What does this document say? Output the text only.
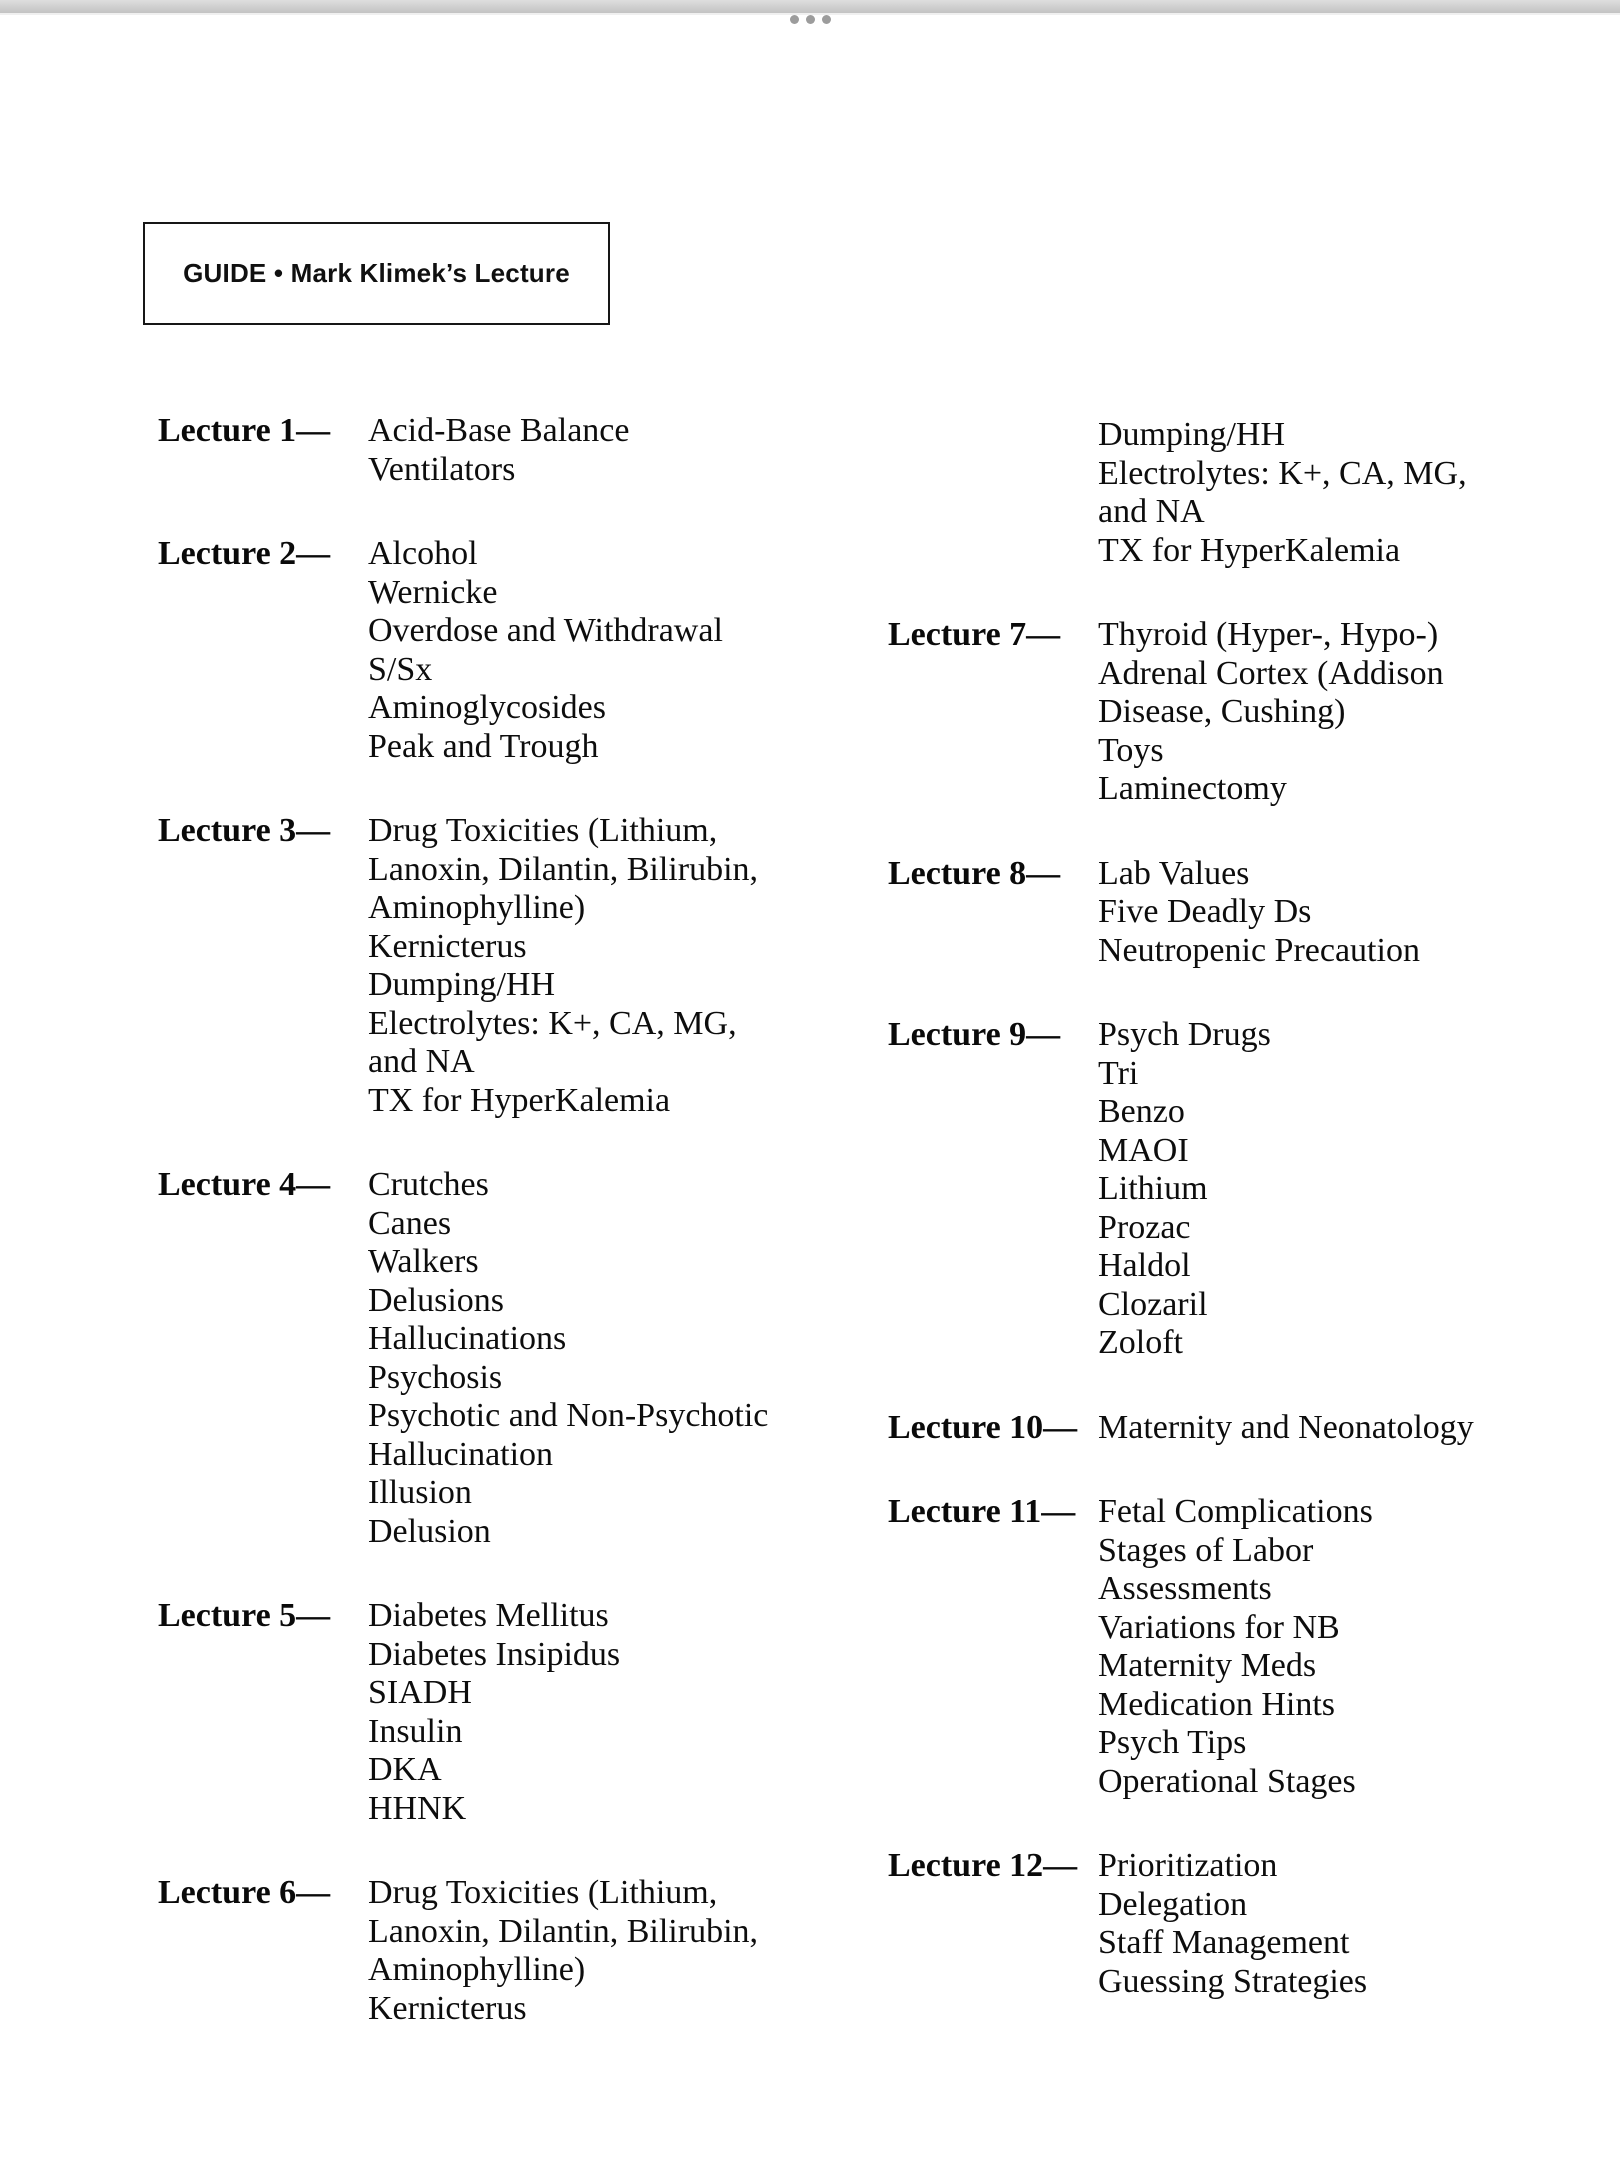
GUIDE • Mark Klimek’s Lecture
Lecture 1—	Acid-Base Balance
Ventilators
Lecture 2—	Alcohol
Wernicke
Overdose and Withdrawal
S/Sx
Aminoglycosides
Peak and Trough
Lecture 3—	Drug Toxicities (Lithium,
Lanoxin, Dilantin, Bilirubin,
Aminophylline)
Kernicterus
Dumping/HH
Electrolytes: K+, CA, MG,
and NA
TX for HyperKalemia
Lecture 4—	Crutches
Canes
Walkers
Delusions
Hallucinations
Psychosis
Psychotic and Non-Psychotic
Hallucination
Illusion
Delusion
Lecture 5—	Diabetes Mellitus
Diabetes Insipidus
SIADH
Insulin
DKA
HHNK
Lecture 6—	Drug Toxicities (Lithium,
Lanoxin, Dilantin, Bilirubin,
Aminophylline)
Kernicterus
Dumping/HH
Electrolytes: K+, CA, MG,
and NA
TX for HyperKalemia
Lecture 7—	Thyroid (Hyper-, Hypo-)
Adrenal Cortex (Addison
Disease, Cushing)
Toys
Laminectomy
Lecture 8—	Lab Values
Five Deadly Ds
Neutropenic Precaution
Lecture 9—	Psych Drugs
Tri
Benzo
MAOI
Lithium
Prozac
Haldol
Clozaril
Zoloft
Lecture 10— Maternity and Neonatology
Lecture 11— Fetal Complications
Stages of Labor
Assessments
Variations for NB
Maternity Meds
Medication Hints
Psych Tips
Operational Stages
Lecture 12— Prioritization
Delegation
Staff Management
Guessing Strategies
